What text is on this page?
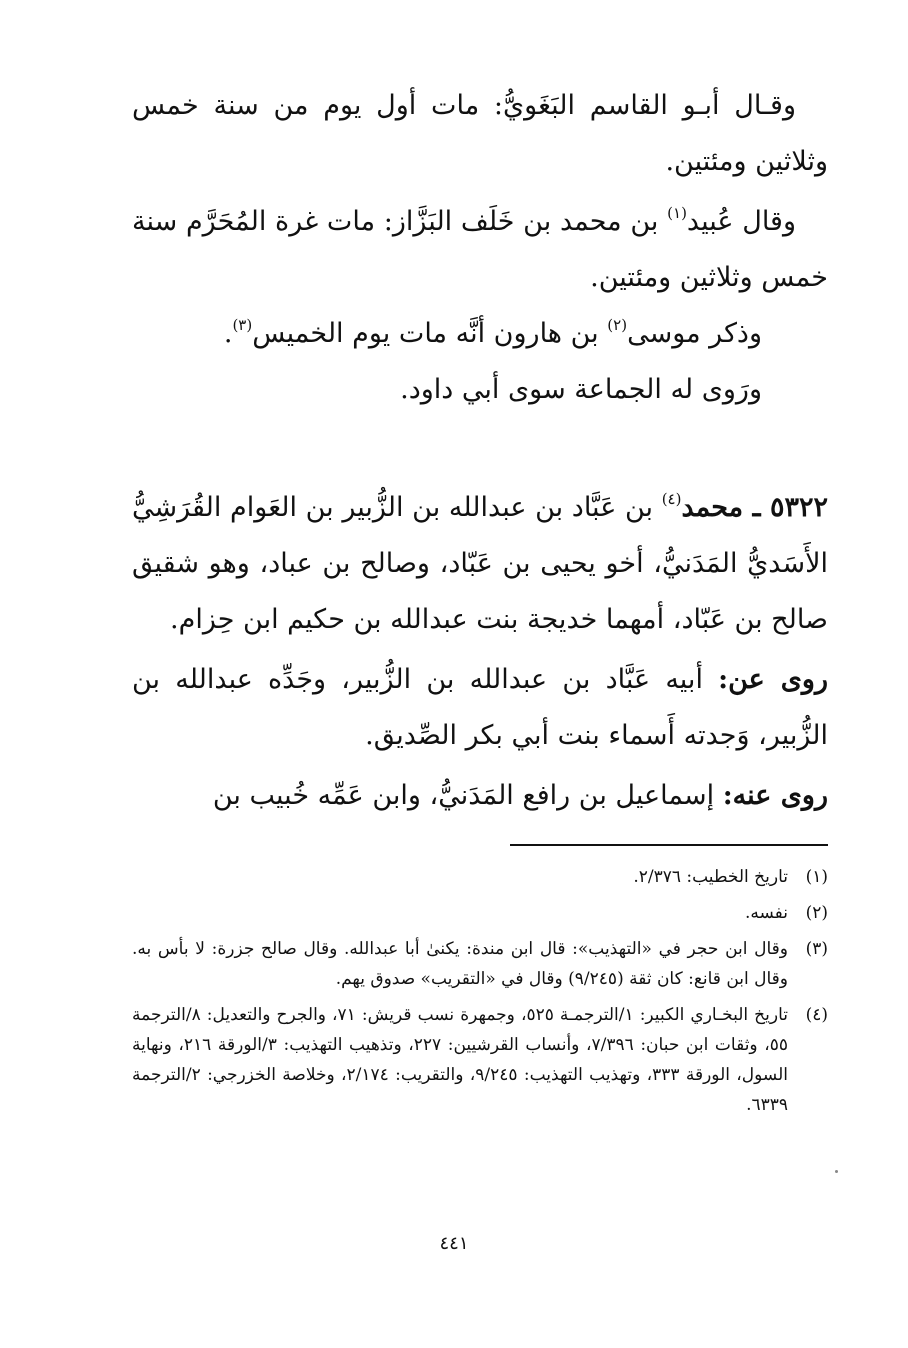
وقـال أبـو القاسم البَغَويُّ: مات أول يوم من سنة خمس وثلاثين ومئتين.

وقال عُبيد$^{(١)}$ بن محمد بن خَلَف البَزَّاز: مات غرة المُحَرَّم سنة خمس وثلاثين ومئتين.

وذكر موسى$^{(٢)}$ بن هارون أنَّه مات يوم الخميس$^{(٣)}$.

ورَوى له الجماعة سوى أبي داود.

٥٣٢٢ ـ محمد$^{(٤)}$ بن عَبَّاد بن عبدالله بن الزُّبير بن العَوام القُرَشِيُّ الأَسَديُّ المَدَنيُّ، أخو يحيى بن عَبّاد، وصالح بن عباد، وهو شقيق صالح بن عَبّاد، أمهما خديجة بنت عبدالله بن حكيم ابن حِزام.

روى عن: أبيه عَبَّاد بن عبدالله بن الزُّبير، وجَدِّه عبدالله بن الزُّبير، وَجدته أَسماء بنت أبي بكر الصِّديق.

روى عنه: إسماعيل بن رافع المَدَنيُّ، وابن عَمِّه خُبيب بن

(١)
تاريخ الخطيب: ٢/٣٧٦.
(٢)
نفسه.
(٣)
وقال ابن حجر في «التهذيب»: قال ابن مندة: يكنىٰ أبا عبدالله. وقال صالح جزرة: لا بأس به. وقال ابن قانع: كان ثقة (٩/٢٤٥) وقال في «التقريب» صدوق يهم.
(٤)
تاريخ البخـاري الكبير: ١/الترجمـة ٥٢٥، وجمهرة نسب قريش: ٧١، والجرح والتعديل: ٨/الترجمة ٥٥، وثقات ابن حبان: ٧/٣٩٦، وأنساب القرشيين: ٢٢٧، وتذهيب التهذيب: ٣/الورقة ٢١٦، ونهاية السول، الورقة ٣٣٣، وتهذيب التهذيب: ٩/٢٤٥، والتقريب: ٢/١٧٤، وخلاصة الخزرجي: ٢/الترجمة ٦٣٣٩.
٤٤١
